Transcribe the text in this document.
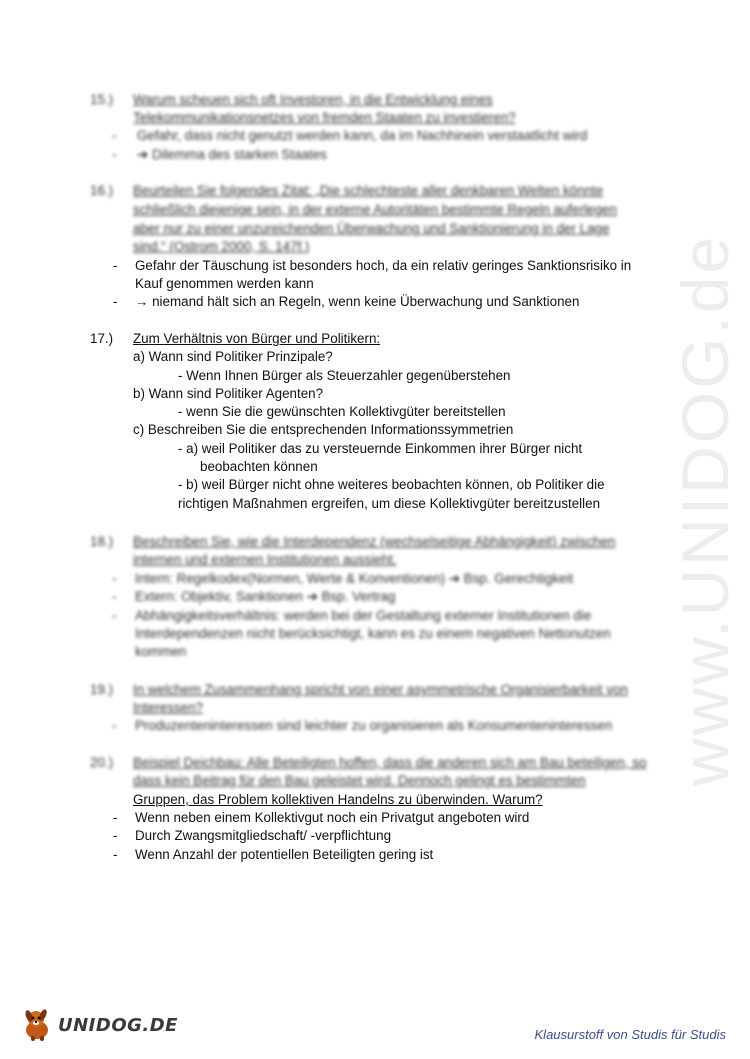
www.UNIDOG.de
15.) Warum scheuen sich oft Investoren, in die Entwicklung eines
Telekommunikationsnetzes von fremden Staaten zu investieren?
- Gefahr, dass nicht genutzt werden kann, da im Nachhinein verstaatlicht wird
- ➔ Dilemma des starken Staates
16.) Beurteilen Sie folgendes Zitat: „Die schlechteste aller denkbaren Welten könnte
schließlich diejenige sein, in der externe Autoritäten bestimmte Regeln auferlegen
aber nur zu einer unzureichenden Überwachung und Sanktionierung in der Lage
sind.“ (Ostrom 2000, S. 147f.)
- Gefahr der Täuschung ist besonders hoch, da ein relativ geringes Sanktionsrisiko in
Kauf genommen werden kann
- → niemand hält sich an Regeln, wenn keine Überwachung und Sanktionen
17.) Zum Verhältnis von Bürger und Politikern:
a) Wann sind Politiker Prinzipale?
- Wenn Ihnen Bürger als Steuerzahler gegenüberstehen
b) Wann sind Politiker Agenten?
- wenn Sie die gewünschten Kollektivgüter bereitstellen
c) Beschreiben Sie die entsprechenden Informationssymmetrien
- a) weil Politiker das zu versteuernde Einkommen ihrer Bürger nicht
beobachten können
- b) weil Bürger nicht ohne weiteres beobachten können, ob Politiker die
richtigen Maßnahmen ergreifen, um diese Kollektivgüter bereitzustellen
18.) Beschreiben Sie, wie die Interdependenz (wechselseitige Abhängigkeit) zwischen
internen und externen Institutionen aussieht.
- Intern: Regelkodex(Normen, Werte & Konventionen) ➔ Bsp. Gerechtigkeit
- Extern: Objektiv, Sanktionen ➔ Bsp. Vertrag
- Abhängigkeitsverhältnis: werden bei der Gestaltung externer Institutionen die
Interdependenzen nicht berücksichtigt, kann es zu einem negativen Nettonutzen
kommen
19.) In welchem Zusammenhang spricht von einer asymmetrische Organisierbarkeit von
Interessen?
- Produzenteninteressen sind leichter zu organisieren als Konsumenteninteressen
20.) Beispiel Deichbau: Alle Beteiligten hoffen, dass die anderen sich am Bau beteiligen, so
dass kein Beitrag für den Bau geleistet wird. Dennoch gelingt es bestimmten
Gruppen, das Problem kollektiven Handelns zu überwinden. Warum?
- Wenn neben einem Kollektivgut noch ein Privatgut angeboten wird
- Durch Zwangsmitgliedschaft/ -verpflichtung
- Wenn Anzahl der potentiellen Beteiligten gering ist
UNIDOG.DE	Klausurstoff von Studis für Studis
